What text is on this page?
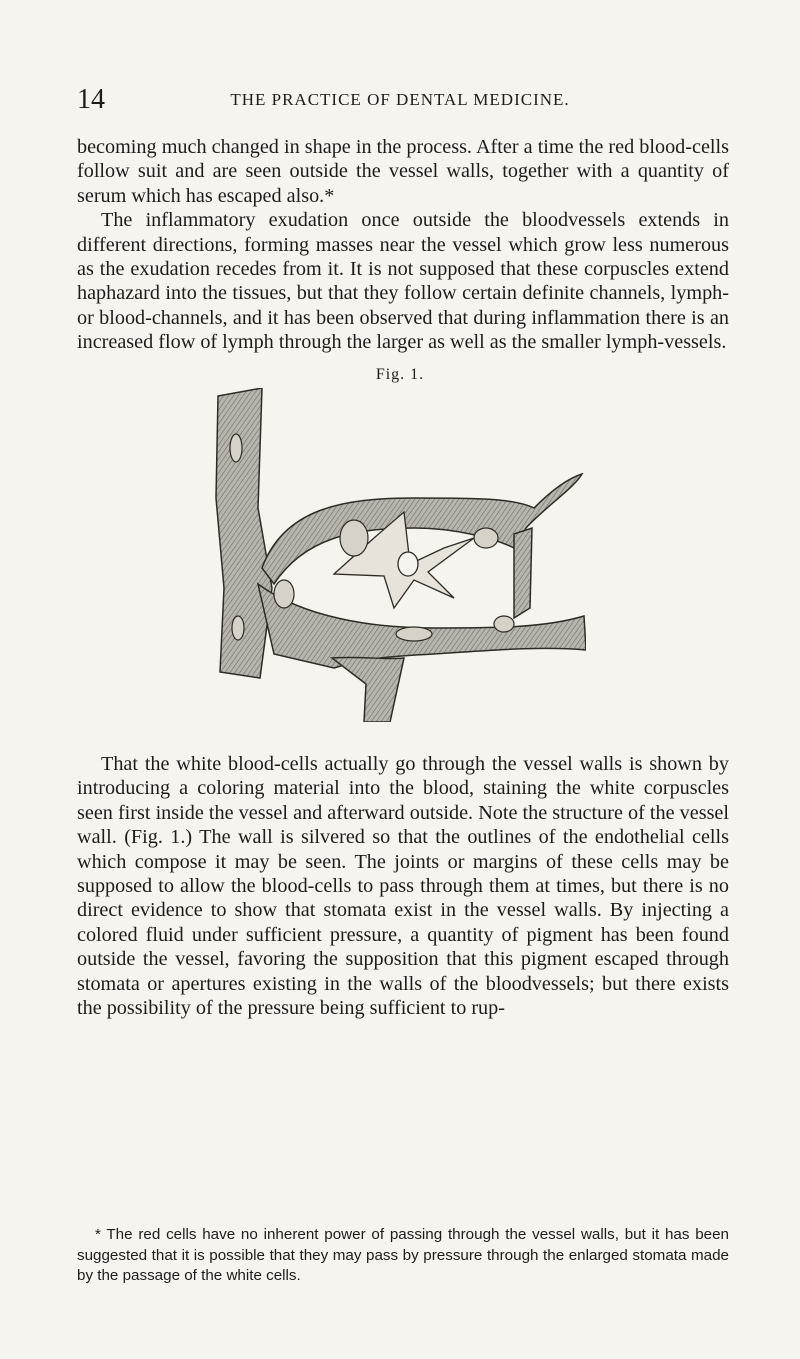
14	THE PRACTICE OF DENTAL MEDICINE.

becoming much changed in shape in the process. After a time the red blood-cells follow suit and are seen outside the vessel walls, together with a quantity of serum which has escaped also.*

The inflammatory exudation once outside the bloodvessels extends in different directions, forming masses near the vessel which grow less numerous as the exudation recedes from it. It is not supposed that these corpuscles extend haphazard into the tissues, but that they follow certain definite channels, lymph- or blood-channels, and it has been observed that during inflammation there is an increased flow of lymph through the larger as well as the smaller lymph-vessels.

Fig. 1.
That the white blood-cells actually go through the vessel walls is shown by introducing a coloring material into the blood, staining the white corpuscles seen first inside the vessel and afterward outside. Note the structure of the vessel wall. (Fig. 1.) The wall is silvered so that the outlines of the endothelial cells which compose it may be seen. The joints or margins of these cells may be supposed to allow the blood-cells to pass through them at times, but there is no direct evidence to show that stomata exist in the vessel walls. By injecting a colored fluid under sufficient pressure, a quantity of pigment has been found outside the vessel, favoring the supposition that this pigment escaped through stomata or apertures existing in the walls of the bloodvessels; but there exists the possibility of the pressure being sufficient to rup-
* The red cells have no inherent power of passing through the vessel walls, but it has been suggested that it is possible that they may pass by pressure through the enlarged stomata made by the passage of the white cells.
